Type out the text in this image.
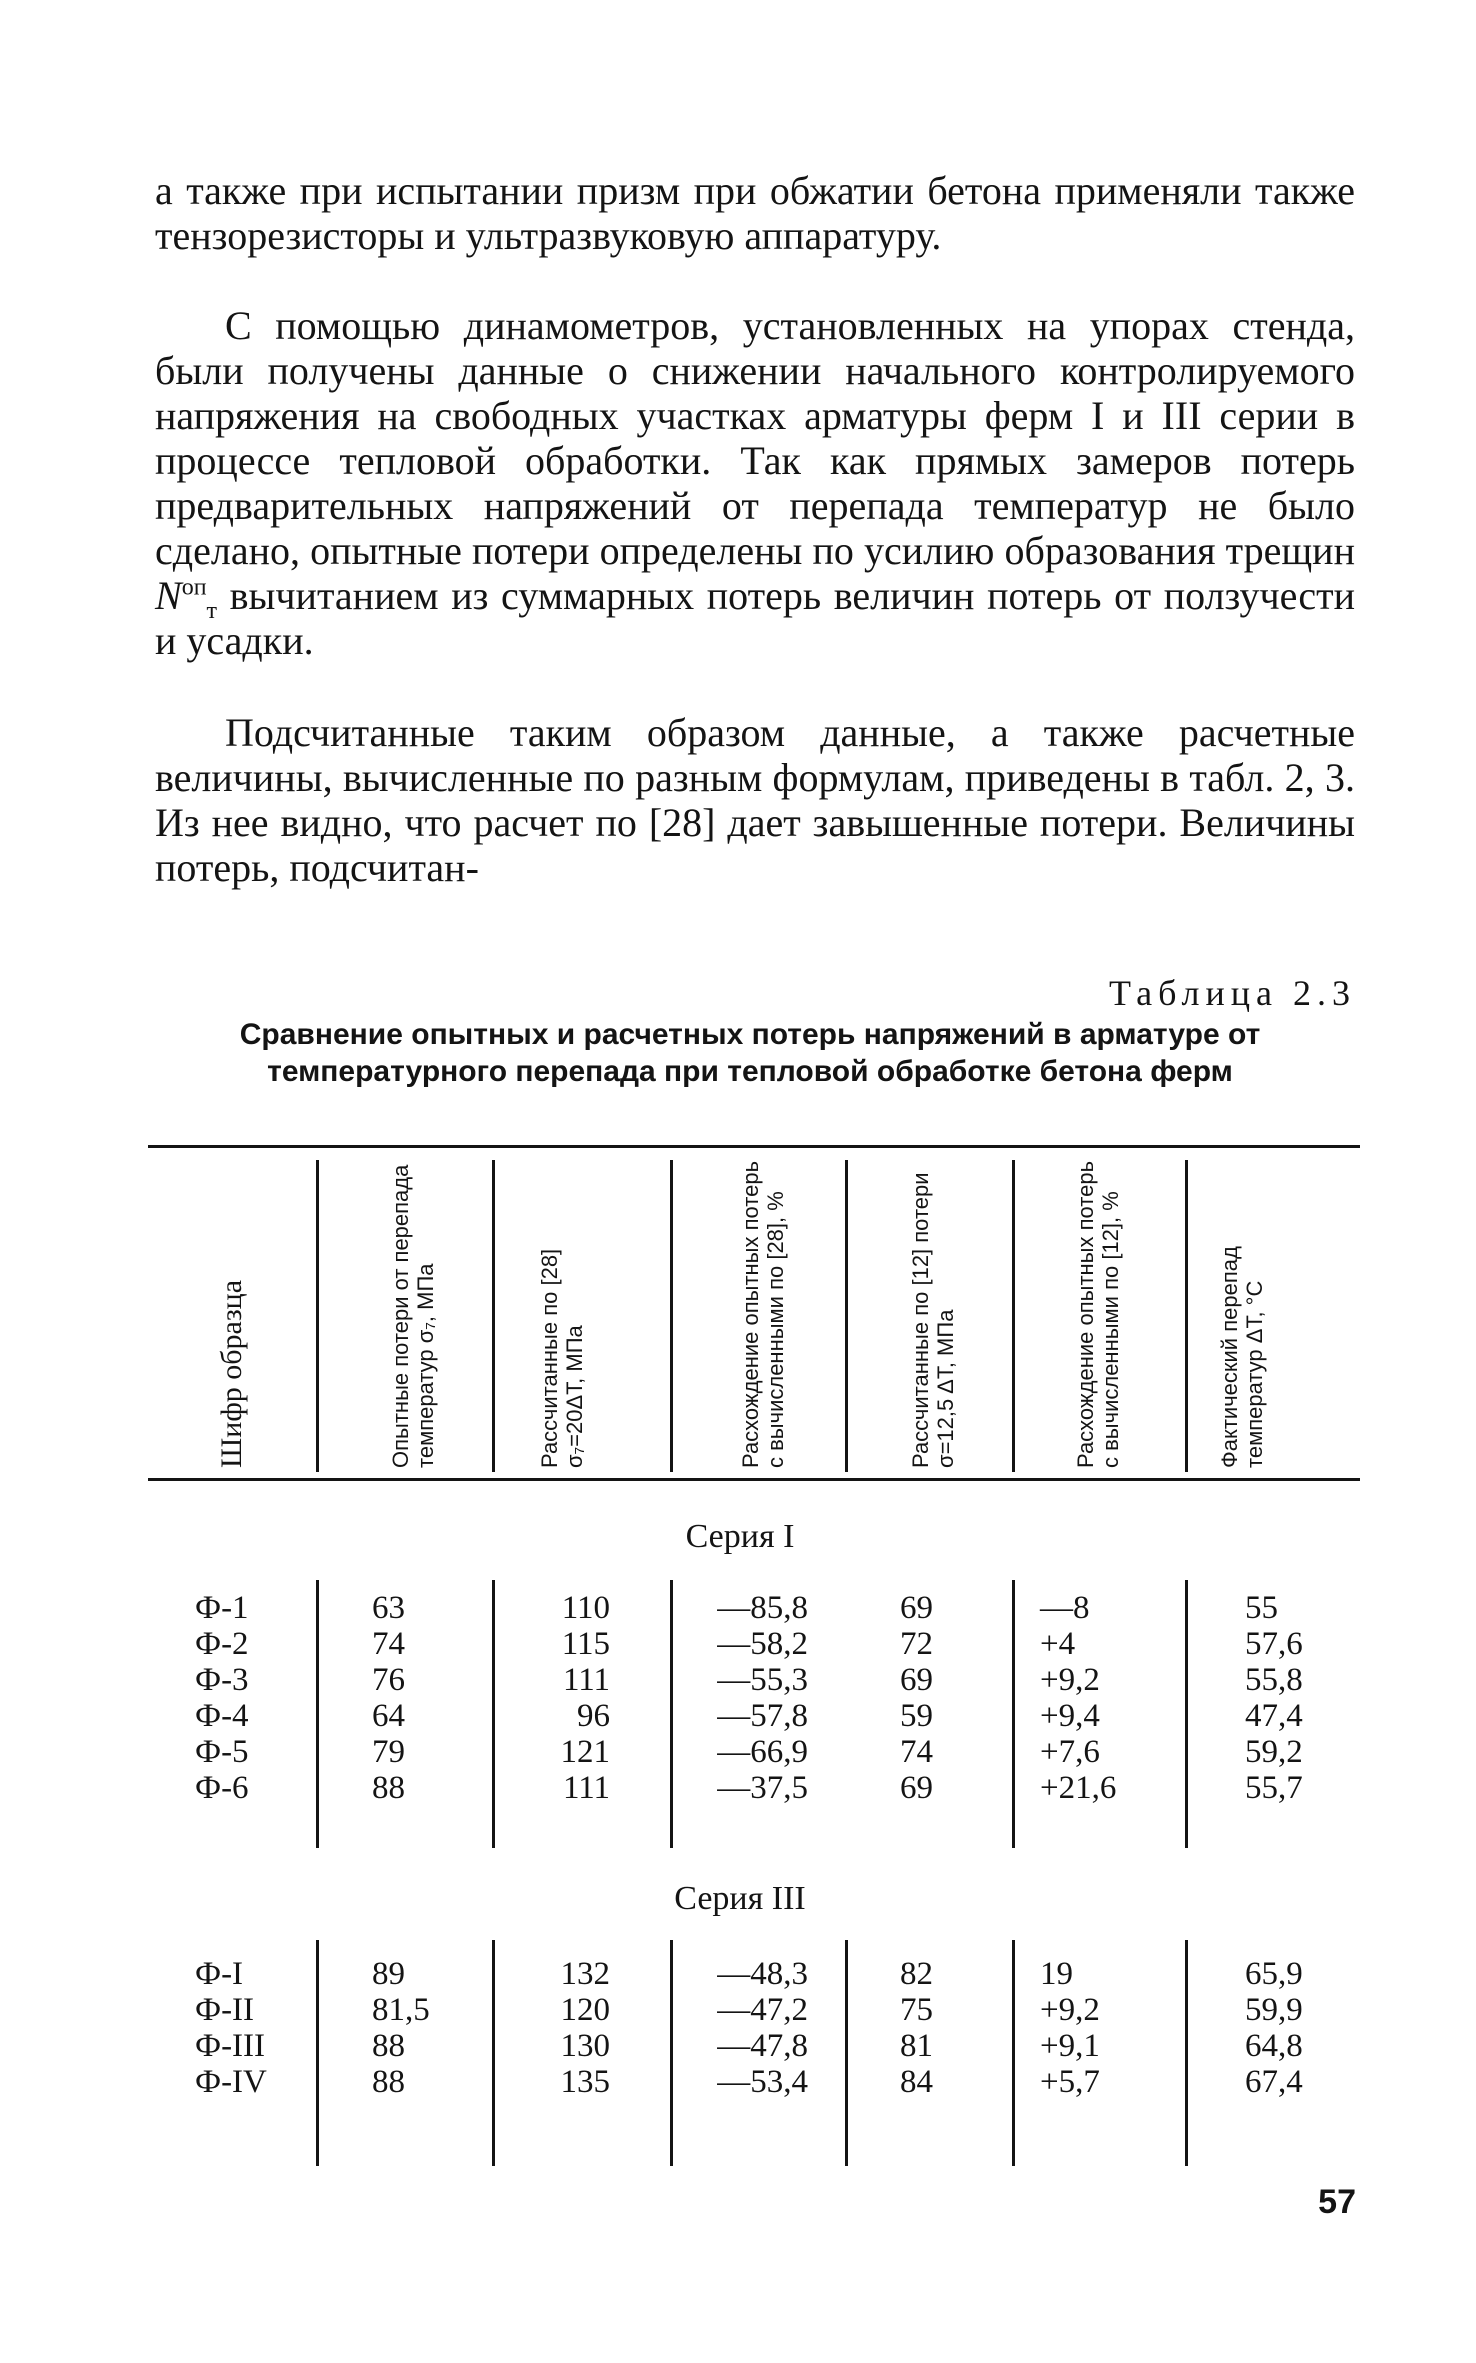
а также при испытании призм при обжатии бетона применяли также тензорезисторы и ультразвуковую аппаратуру.

С помощью динамометров, установленных на упорах стенда, были получены данные о снижении начального контролируемого напряжения на свободных участках арматуры ферм I и III серии в процессе тепловой обработки. Так как прямых замеров потерь предварительных напряжений от перепада температур не было сделано, опытные потери определены по усилию образования трещин $N^{оп}_т$ вычитанием из суммарных потерь величин потерь от ползучести и усадки.

Подсчитанные таким образом данные, а также расчетные величины, вычисленные по разным формулам, приведены в табл. 2, 3. Из нее видно, что расчет по [28] дает завышенные потери. Величины потерь, подсчитан-

Таблица 2.3
Сравнение опытных и расчетных потерь напряжений в арматуре от температурного перепада при тепловой обработке бетона ферм
Шифр образца	Опытные потери от перепада температур σ₇, МПа	Рассчитанные по [28] σ₇=20ΔT, МПа	Расхождение опытных потерь с вычисленными по [28], %	Рассчитанные по [12] потери σ=12,5 ΔT, МПа	Расхождение опытных потерь с вычисленными по [12], %	Фактический перепад температур ΔT, °С
Серия I
Ф-1	63	110	—85,8	69	—8	55
Ф-2	74	115	—58,2	72	+4	57,6
Ф-3	76	111	—55,3	69	+9,2	55,8
Ф-4	64	96	—57,8	59	+9,4	47,4
Ф-5	79	121	—66,9	74	+7,6	59,2
Ф-6	88	111	—37,5	69	+21,6	55,7
Серия III
Ф-I	89	132	—48,3	82	19	65,9
Ф-II	81,5	120	—47,2	75	+9,2	59,9
Ф-III	88	130	—47,8	81	+9,1	64,8
Ф-IV	88	135	—53,4	84	+5,7	67,4
57
